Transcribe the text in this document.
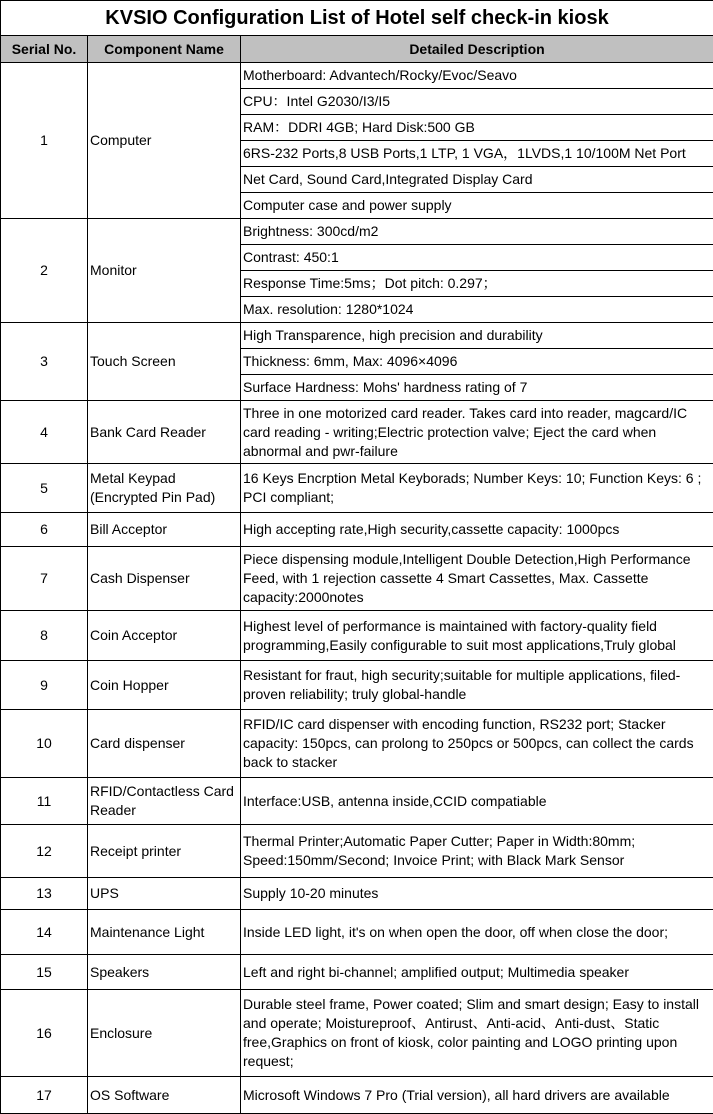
KVSIO Configuration List of Hotel self check-in kiosk		
Serial No.	Component Name	Detailed Description
1	Computer	Motherboard: Advantech/Rocky/Evoc/Seavo
		CPU：Intel G2030/I3/I5
		RAM：DDRI 4GB; Hard Disk:500 GB
		6RS-232 Ports,8 USB Ports,1 LTP, 1 VGA，1LVDS,1 10/100M Net Port
		Net Card, Sound Card,Integrated Display Card
		Computer case and power supply
2	Monitor	Brightness: 300cd/m2
		Contrast: 450:1
		Response Time:5ms；Dot pitch: 0.297；
		Max. resolution: 1280*1024
3	Touch Screen	High Transparence, high precision and durability
		Thickness: 6mm, Max: 4096×4096
		Surface Hardness: Mohs' hardness rating of 7
4	Bank Card Reader	Three in one motorized card reader. Takes card into reader, magcard/IC card reading - writing;Electric protection valve; Eject the card when abnormal and pwr-failure
5	Metal Keypad (Encrypted Pin Pad)	16 Keys Encrption Metal Keyborads; Number Keys: 10; Function Keys: 6 ; PCI compliant;
6	Bill Acceptor	High accepting rate,High security,cassette capacity: 1000pcs
7	Cash Dispenser	Piece dispensing module,Intelligent Double Detection,High Performance Feed, with 1 rejection cassette 4 Smart Cassettes, Max. Cassette capacity:2000notes
8	Coin Acceptor	Highest level of performance is maintained with factory-quality field programming,Easily configurable to suit most applications,Truly global
9	Coin Hopper	Resistant for fraut, high security;suitable for multiple applications, filed-proven reliability; truly global-handle
10	Card dispenser	RFID/IC card dispenser with encoding function, RS232 port; Stacker capacity: 150pcs, can prolong to 250pcs or 500pcs, can collect the cards back to stacker
11	RFID/Contactless Card Reader	Interface:USB, antenna inside,CCID compatiable
12	Receipt printer	Thermal Printer;Automatic Paper Cutter; Paper in Width:80mm; Speed:150mm/Second; Invoice Print; with Black Mark Sensor
13	UPS	Supply 10-20 minutes
14	Maintenance Light	Inside LED light, it's on when open the door, off when close the door;
15	Speakers	Left and right bi-channel; amplified output; Multimedia speaker
16	Enclosure	Durable steel frame, Power coated; Slim and smart design; Easy to install and operate; Moistureproof、Antirust、Anti-acid、Anti-dust、Static free,Graphics on front of kiosk, color painting and LOGO printing upon request;
17	OS Software	Microsoft Windows 7 Pro (Trial version), all hard drivers are available
